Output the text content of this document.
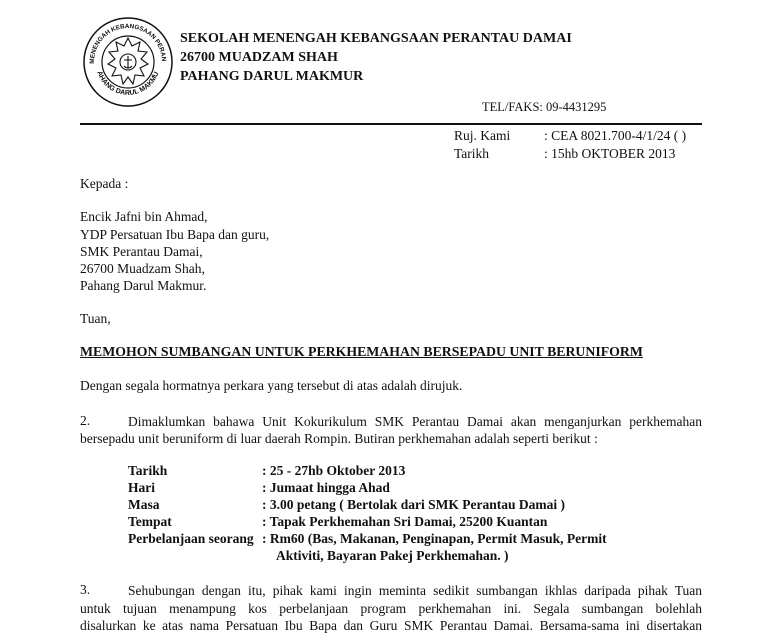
MENENGAH KEBANGSAAN PERAN
AHANG DARUL MAKMU
SEKOLAH MENENGAH KEBANGSAAN PERANTAU DAMAI
26700 MUADZAM SHAH
PAHANG DARUL MAKMUR
TEL/FAKS: 09-4431295
Ruj. Kami	: CEA 8021.700-4/1/24 ( )
Tarikh	: 15hb OKTOBER 2013
Kepada :
Encik Jafni bin Ahmad,
YDP Persatuan Ibu Bapa dan guru,
SMK Perantau Damai,
26700 Muadzam Shah,
Pahang Darul Makmur.
Tuan,
MEMOHON SUMBANGAN UNTUK PERKHEMAHAN BERSEPADU UNIT BERUNIFORM
Dengan segala hormatnya perkara yang tersebut di atas adalah dirujuk.
2.	Dimaklumkan bahawa Unit Kokurikulum SMK Perantau Damai akan menganjurkan perkhemahan
bersepadu unit beruniform di luar daerah Rompin. Butiran perkhemahan adalah seperti berikut :
Tarikh	: 25 - 27hb Oktober 2013
Hari	: Jumaat hingga Ahad
Masa	: 3.00 petang ( Bertolak dari SMK Perantau Damai )
Tempat	: Tapak Perkhemahan Sri Damai, 25200 Kuantan
Perbelanjaan seorang : Rm60 (Bas, Makanan, Penginapan, Permit Masuk, Permit
Aktiviti, Bayaran Pakej Perkhemahan. )
3.	Sehubungan dengan itu, pihak kami ingin meminta sedikit sumbangan ikhlas daripada pihak Tuan
untuk tujuan menampung kos perbelanjaan program perkhemahan ini. Segala sumbangan bolehlah
disalurkan ke atas nama Persatuan Ibu Bapa dan Guru SMK Perantau Damai. Bersama-sama ini disertakan
